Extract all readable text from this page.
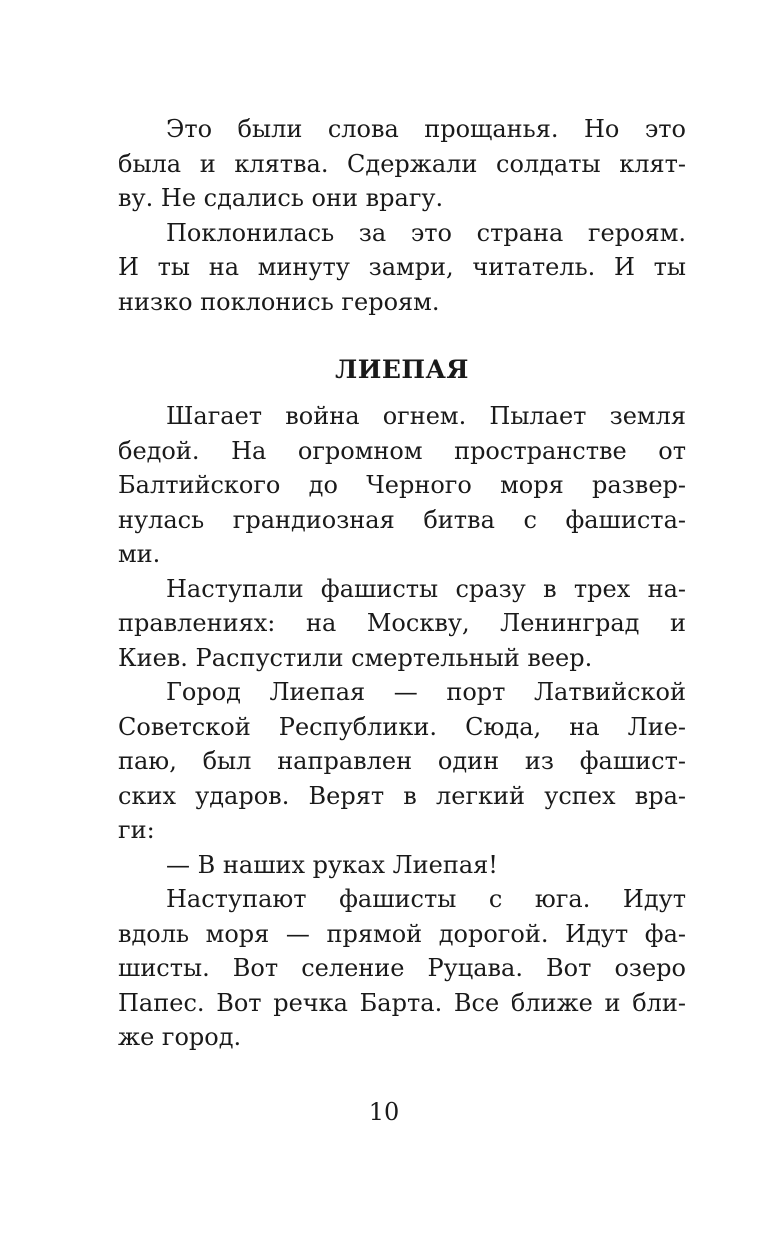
Это были слова прощанья. Но это
была и клятва. Сдержали солдаты клят-
ву. Не сдались они врагу.
Поклонилась за это страна героям.
И ты на минуту замри, читатель. И ты
низко поклонись героям.
ЛИЕПАЯ
Шагает война огнем. Пылает земля
бедой. На огромном пространстве от
Балтийского до Черного моря развер-
нулась грандиозная битва с фашиста-
ми.
Наступали фашисты сразу в трех на-
правлениях: на Москву, Ленинград и
Киев. Распустили смертельный веер.
Город Лиепая — порт Латвийской
Советской Республики. Сюда, на Лие-
паю, был направлен один из фашист-
ских ударов. Верят в легкий успех вра-
ги:
— В наших руках Лиепая!
Наступают фашисты с юга. Идут
вдоль моря — прямой дорогой. Идут фа-
шисты. Вот селение Руцава. Вот озеро
Папес. Вот речка Барта. Все ближе и бли-
же город.
10
